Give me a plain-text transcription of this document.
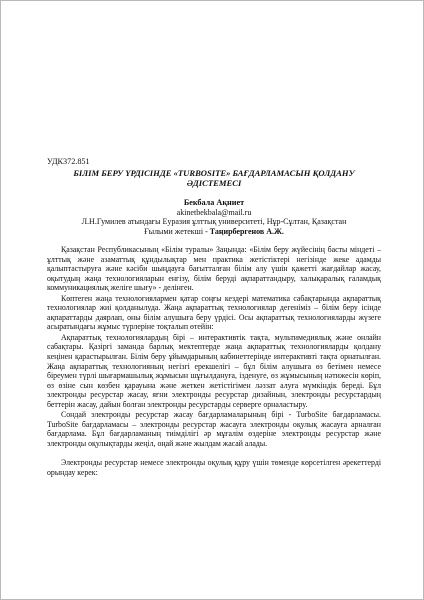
УДК372.851

БІЛІМ БЕРУ ҮРДІСІНДЕ «TURBOSITE» БАҒДАРЛАМАСЫН ҚОЛДАНУ ӘДІСТЕМЕСІ

Бекбала Ақниет

akinetbekbala@mail.ru

Л.Н.Гумилев атындағы Еуразия ұлттық университеті, Нұр-Сұлтан, Қазақстан

Ғылыми жетекші - Таңирбергенов А.Ж.

Қазақстан Республикасының «Білім туралы» Заңында: «Білім беру жүйесінің басты міндеті – ұлттық және азаматтық құндылықтар мен практика жетістіктері негізінде жеке адамды қалыптастыруға және кәсіби шыңдауға бағытталған білім алу үшін қажетті жағдайлар жасау, оқытудың жаңа технологияларын енгізу, білім беруді ақпараттандыру, халықаралық ғаламдық коммуникациялық желіге шығу» - делінген.

Көптеген жаңа технологиялармен қатар соңғы кездері математика сабақтарында ақпараттық технологиялар жиі қолданылуда. Жаңа ақпараттық технологиялар дегеніміз – білім беру ісінде ақпараттарды даярлап, оны білім алушыға беру үрдісі. Осы ақпараттық технологияларды жүзеге асыратындағы жұмыс түрлеріне тоқталып өтейін:

Ақпараттық технологиялардың бірі – интерактивтік тақта, мультимедиялық және онлайн сабақтары. Қазіргі заманда барлық мектептерде жаңа ақпараттық технологияларды қолдану кеңінен қарастырылған. Білім беру ұйымдарының кабинеттерінде интерактивті тақта орнатылған. Жаңа ақпараттық технологияның негізгі ерекшелігі – бұл білім алушыға өз бетімен немесе біреумен түрлі шығармашылық жұмысын шұғылдануға, ізденуге, өз жұмысының нәтижесін көріп, өз өзіне сын көзбен қарауына және жеткен жетістігімен ләззат алуға мүмкіндік береді. Бұл электронды ресурстар жасау, яғни электронды ресурстар дизайнын, электронды ресурстардың беттерін жасау, дайын болған электронды ресурстарды серверге орналастыру.

Сондай электронды ресурстар жасау бағдарламаларының бірі - TurboSite бағдарламасы. TurboSite бағдарламасы – электронды ресурстар жасауға электронды оқулық жасауға арналған бағдарлама. Бұл бағдарламаның тиімділігі әр мұғалім өздеріне электронды ресурстар және электронды оқулықтарды жеңіл, оңай және жылдам жасай алады.

Электронды ресурстар немесе электронды оқулық құру үшін төменде көрсетілген әрекеттерді орындау керек:
